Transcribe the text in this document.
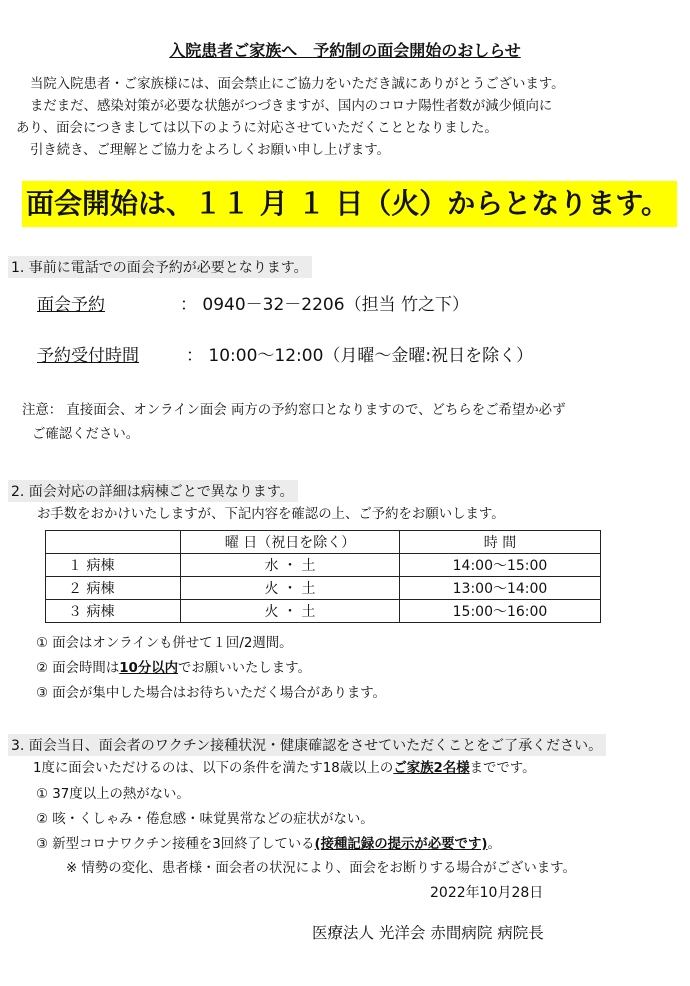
入院患者ご家族へ　予約制の面会開始のおしらせ
当院入院患者・ご家族様には、面会禁止にご協力をいただき誠にありがとうございます。
まだまだ、感染対策が必要な状態がつづきますが、国内のコロナ陽性者数が減少傾向に
あり、面会につきましては以下のように対応させていただくこととなりました。
引き続き、ご理解とご協力をよろしくお願い申し上げます。
面会開始は、１１ 月 １ 日（火）からとなります。
1. 事前に電話での面会予約が必要となります。
面会予約	： 0940－32－2206（担当 竹之下）
予約受付時間	： 10:00～12:00（月曜～金曜:祝日を除く）
注意： 直接面会、オンライン面会 両方の予約窓口となりますので、どちらをご希望か必ず
ご確認ください。
2. 面会対応の詳細は病棟ごとで異なります。
お手数をおかけいたしますが、下記内容を確認の上、ご予約をお願いします。
	曜 日（祝日を除く）	時 間
１ 病棟	水 ・ 土	14:00～15:00
２ 病棟	火 ・ 土	13:00～14:00
３ 病棟	火 ・ 土	15:00～16:00
① 面会はオンラインも併せて１回/2週間。
② 面会時間は10分以内でお願いいたします。
③ 面会が集中した場合はお待ちいただく場合があります。
3. 面会当日、面会者のワクチン接種状況・健康確認をさせていただくことをご了承ください。
1度に面会いただけるのは、以下の条件を満たす18歳以上のご家族2名様までです。
① 37度以上の熱がない。
② 咳・くしゃみ・倦怠感・味覚異常などの症状がない。
③ 新型コロナワクチン接種を3回終了している(接種記録の提示が必要です)。
※ 情勢の変化、患者様・面会者の状況により、面会をお断りする場合がございます。
2022年10月28日
医療法人 光洋会 赤間病院 病院長
